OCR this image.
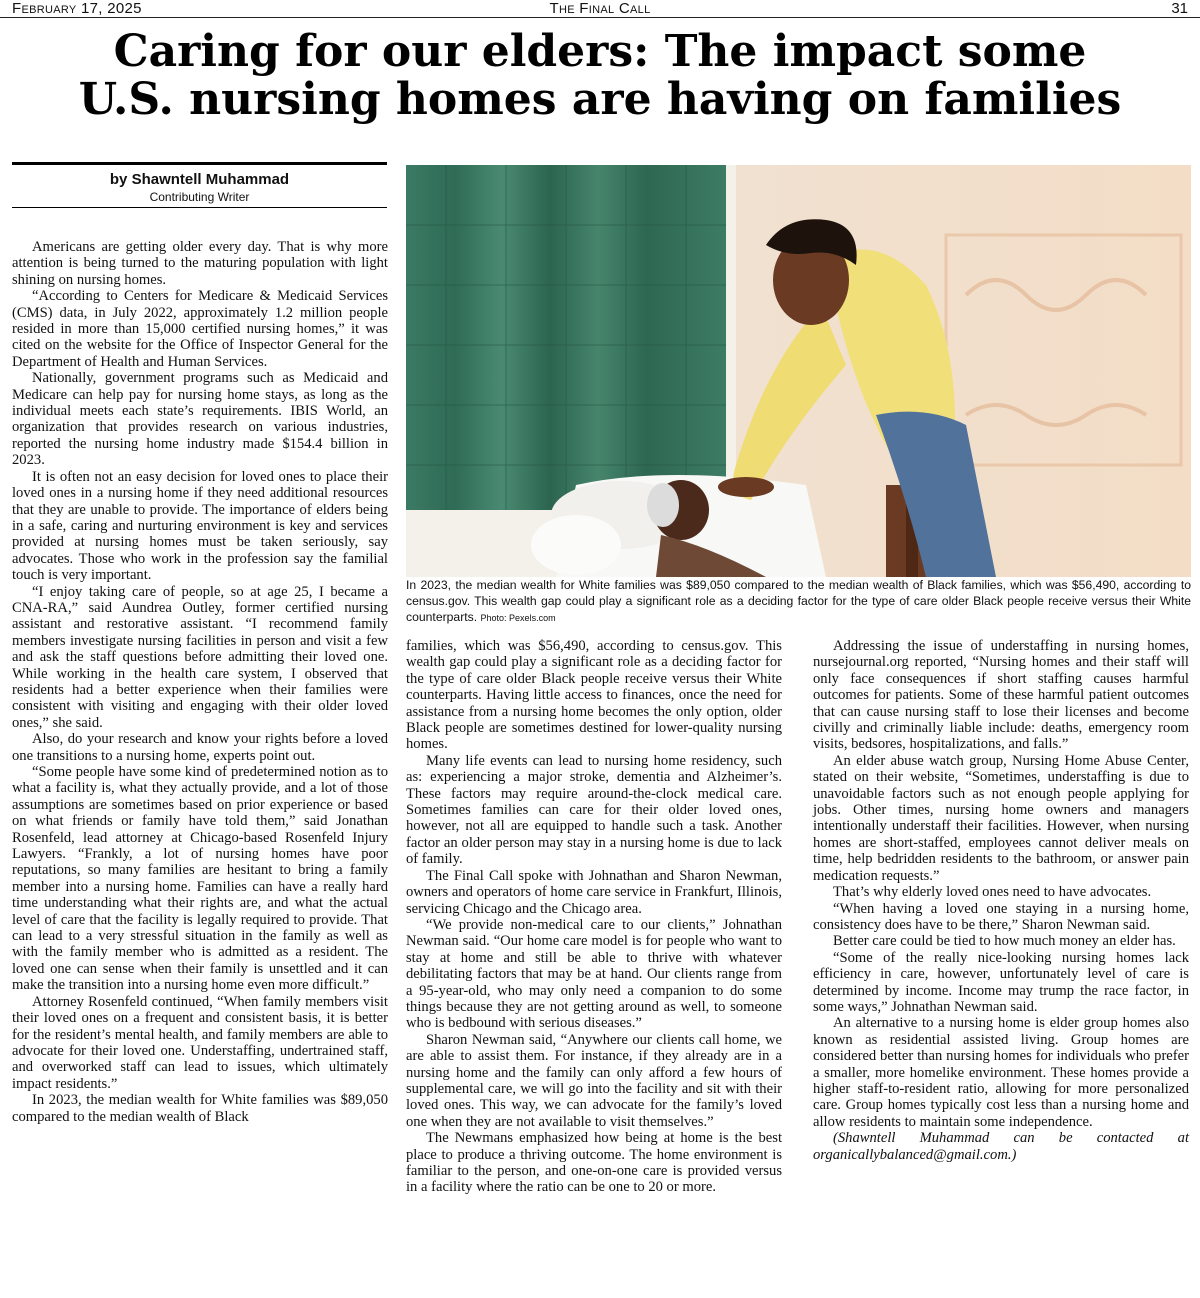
February 17, 2025	The Final Call	31
Caring for our elders: The impact some
U.S. nursing homes are having on families
by Shawntell Muhammad
Contributing Writer
In 2023, the median wealth for White families was $89,050 compared to the median wealth of Black families, which was $56,490, according to census.gov. This wealth gap could play a significant role as a deciding factor for the type of care older Black people receive versus their White counterparts. Photo: Pexels.com

Americans are getting older every day. That is why more attention is being turned to the maturing population with light shining on nursing homes.

“According to Centers for Medicare & Medicaid Services (CMS) data, in July 2022, approximately 1.2 million people resided in more than 15,000 certified nursing homes,” it was cited on the website for the Office of Inspector General for the Department of Health and Human Services.

Nationally, government programs such as Medicaid and Medicare can help pay for nursing home stays, as long as the individual meets each state’s requirements. IBIS World, an organization that provides research on various industries, reported the nursing home industry made $154.4 billion in 2023.

It is often not an easy decision for loved ones to place their loved ones in a nursing home if they need additional resources that they are unable to provide. The importance of elders being in a safe, caring and nurturing environment is key and services provided at nursing homes must be taken seriously, say advocates. Those who work in the profession say the familial touch is very important.

“I enjoy taking care of people, so at age 25, I became a CNA-RA,” said Aundrea Outley, former certified nursing assistant and restorative assistant. “I recommend family members investigate nursing facilities in person and visit a few and ask the staff questions before admitting their loved one. While working in the health care system, I observed that residents had a better experience when their families were consistent with visiting and engaging with their older loved ones,” she said.

Also, do your research and know your rights before a loved one transitions to a nursing home, experts point out.

“Some people have some kind of predetermined notion as to what a facility is, what they actually provide, and a lot of those assumptions are sometimes based on prior experience or based on what friends or family have told them,” said Jonathan Rosenfeld, lead attorney at Chicago-based Rosenfeld Injury Lawyers. “Frankly, a lot of nursing homes have poor reputations, so many families are hesitant to bring a family member into a nursing home. Families can have a really hard time understanding what their rights are, and what the actual level of care that the facility is legally required to provide. That can lead to a very stressful situation in the family as well as with the family member who is admitted as a resident. The loved one can sense when their family is unsettled and it can make the transition into a nursing home even more difficult.”

Attorney Rosenfeld continued, “When family members visit their loved ones on a frequent and consistent basis, it is better for the resident’s mental health, and family members are able to advocate for their loved one. Understaffing, undertrained staff, and overworked staff can lead to issues, which ultimately impact residents.”

In 2023, the median wealth for White families was $89,050 compared to the median wealth of Black

families, which was $56,490, according to census.gov. This wealth gap could play a significant role as a deciding factor for the type of care older Black people receive versus their White counterparts. Having little access to finances, once the need for assistance from a nursing home becomes the only option, older Black people are sometimes destined for lower-quality nursing homes.

Many life events can lead to nursing home residency, such as: experiencing a major stroke, dementia and Alzheimer’s. These factors may require around-the-clock medical care. Sometimes families can care for their older loved ones, however, not all are equipped to handle such a task. Another factor an older person may stay in a nursing home is due to lack of family.

The Final Call spoke with Johnathan and Sharon Newman, owners and operators of home care service in Frankfurt, Illinois, servicing Chicago and the Chicago area.

“We provide non-medical care to our clients,” Johnathan Newman said. “Our home care model is for people who want to stay at home and still be able to thrive with whatever debilitating factors that may be at hand. Our clients range from a 95-year-old, who may only need a companion to do some things because they are not getting around as well, to someone who is bedbound with serious diseases.”

Sharon Newman said, “Anywhere our clients call home, we are able to assist them. For instance, if they already are in a nursing home and the family can only afford a few hours of supplemental care, we will go into the facility and sit with their loved ones. This way, we can advocate for the family’s loved one when they are not available to visit themselves.”

The Newmans emphasized how being at home is the best place to produce a thriving outcome. The home environment is familiar to the person, and one-on-one care is provided versus in a facility where the ratio can be one to 20 or more.

Addressing the issue of understaffing in nursing homes, nursejournal.org reported, “Nursing homes and their staff will only face consequences if short staffing causes harmful outcomes for patients. Some of these harmful patient outcomes that can cause nursing staff to lose their licenses and become civilly and criminally liable include: deaths, emergency room visits, bedsores, hospitalizations, and falls.”

An elder abuse watch group, Nursing Home Abuse Center, stated on their website, “Sometimes, understaffing is due to unavoidable factors such as not enough people applying for jobs. Other times, nursing home owners and managers intentionally understaff their facilities. However, when nursing homes are short-staffed, employees cannot deliver meals on time, help bedridden residents to the bathroom, or answer pain medication requests.”

That’s why elderly loved ones need to have advocates.

“When having a loved one staying in a nursing home, consistency does have to be there,” Sharon Newman said.

Better care could be tied to how much money an elder has.

“Some of the really nice-looking nursing homes lack efficiency in care, however, unfortunately level of care is determined by income. Income may trump the race factor, in some ways,” Johnathan Newman said.

An alternative to a nursing home is elder group homes also known as residential assisted living. Group homes are considered better than nursing homes for individuals who prefer a smaller, more homelike environment. These homes provide a higher staff-to-resident ratio, allowing for more personalized care. Group homes typically cost less than a nursing home and allow residents to maintain some independence.

(Shawntell Muhammad can be contacted at organicallybalanced@gmail.com.)
